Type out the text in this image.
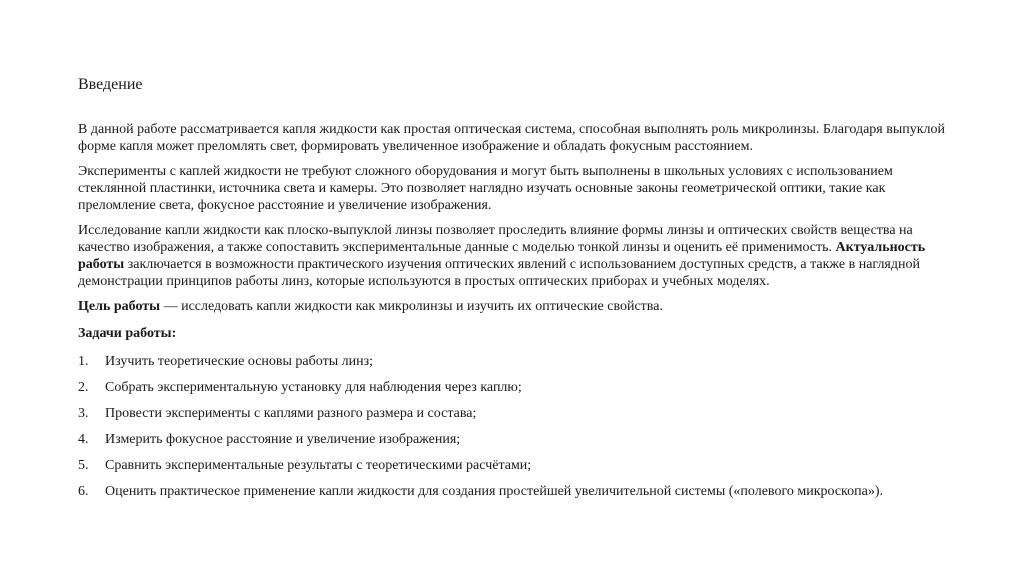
Введение

В данной работе рассматривается капля жидкости как простая оптическая система, способная выполнять роль микролинзы. Благодаря выпуклой форме капля может преломлять свет, формировать увеличенное изображение и обладать фокусным расстоянием.

Эксперименты с каплей жидкости не требуют сложного оборудования и могут быть выполнены в школьных условиях с использованием стеклянной пластинки, источника света и камеры. Это позволяет наглядно изучать основные законы геометрической оптики, такие как преломление света, фокусное расстояние и увеличение изображения.

Исследование капли жидкости как плоско-выпуклой линзы позволяет проследить влияние формы линзы и оптических свойств вещества на качество изображения, а также сопоставить экспериментальные данные с моделью тонкой линзы и оценить её применимость. Актуальность работы заключается в возможности практического изучения оптических явлений с использованием доступных средств, а также в наглядной демонстрации принципов работы линз, которые используются в простых оптических приборах и учебных моделях.

Цель работы — исследовать капли жидкости как микролинзы и изучить их оптические свойства.

Задачи работы:
1.	Изучить теоретические основы работы линз;
2.	Собрать экспериментальную установку для наблюдения через каплю;
3.	Провести эксперименты с каплями разного размера и состава;
4.	Измерить фокусное расстояние и увеличение изображения;
5.	Сравнить экспериментальные результаты с теоретическими расчётами;
6.	Оценить практическое применение капли жидкости для создания простейшей увеличительной системы («полевого микроскопа»).
